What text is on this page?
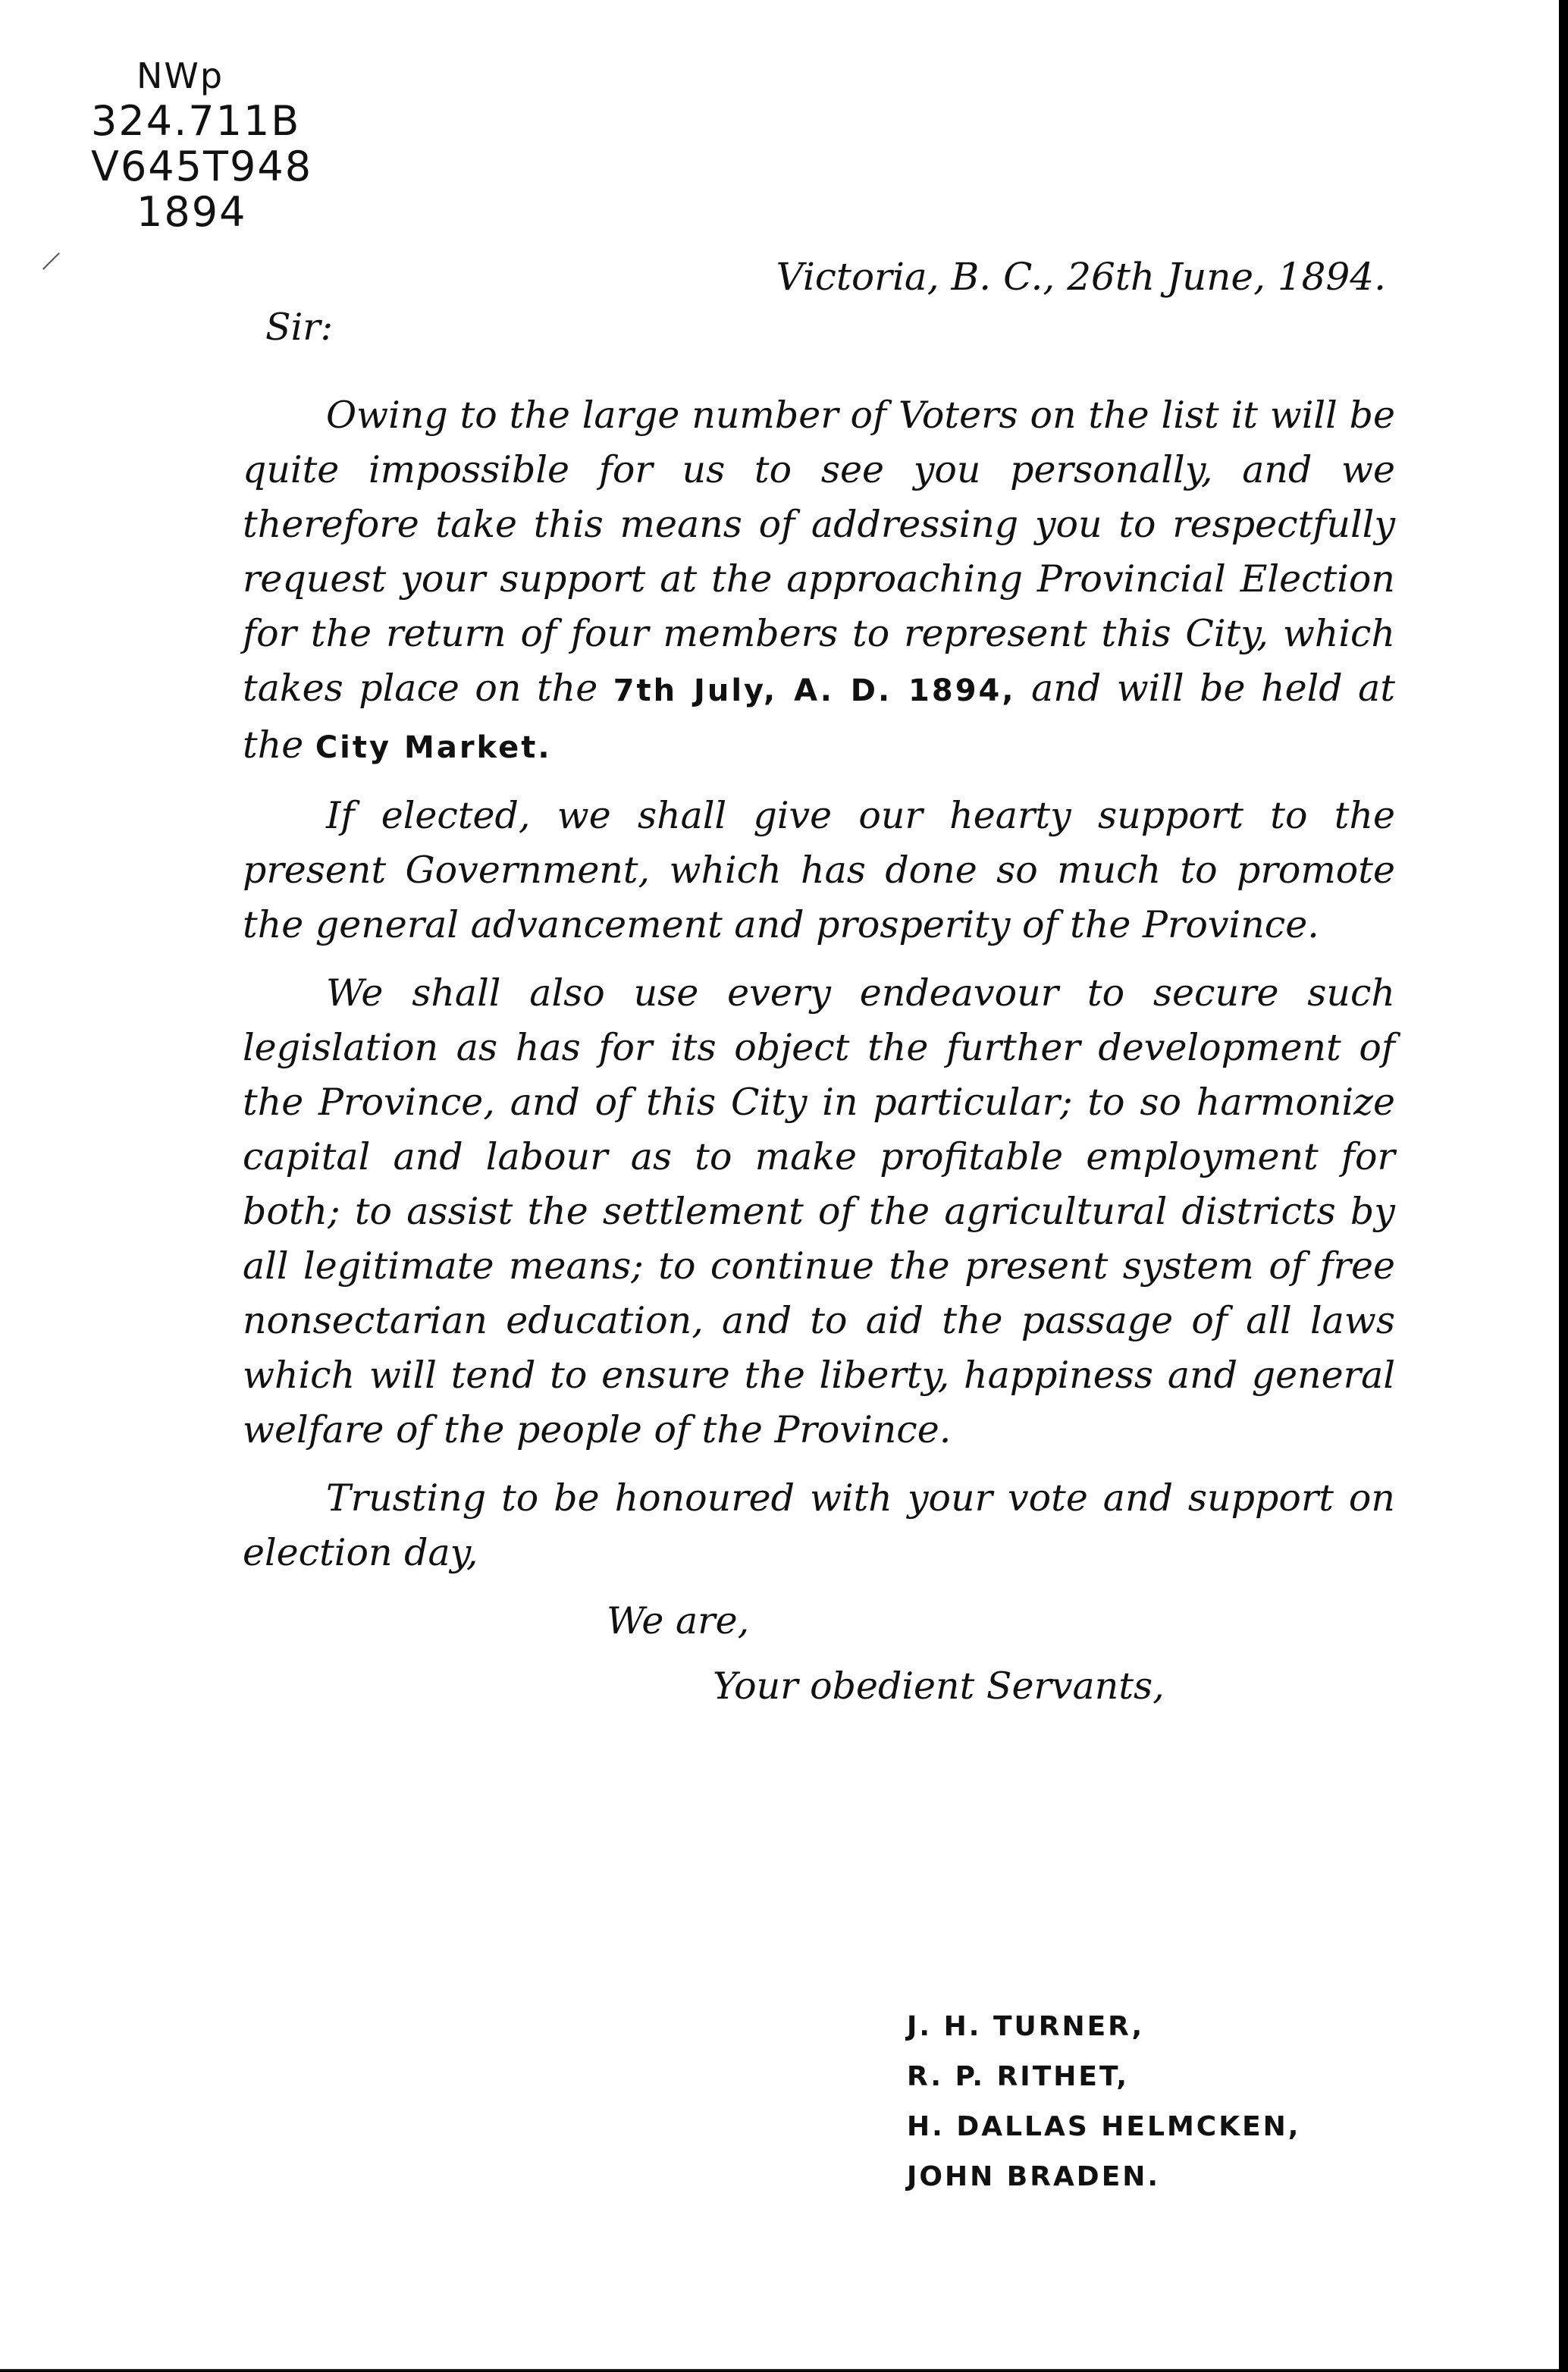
NWp
324.711B
V645T948
1894
Victoria, B. C., 26th June, 1894.
Sir:

Owing to the large number of Voters on the list it will be quite impossible for us to see you personally, and we therefore take this means of addressing you to respectfully request your support at the approaching Provincial Election for the return of four members to represent this City, which takes place on the 7th July, A. D. 1894, and will be held at the City Market.

If elected, we shall give our hearty support to the present Government, which has done so much to promote the general advancement and prosperity of the Province.

We shall also use every endeavour to secure such legislation as has for its object the further development of the Province, and of this City in particular; to so harmonize capital and labour as to make profitable employment for both; to assist the settlement of the agricultural districts by all legitimate means; to continue the present system of free nonsectarian education, and to aid the passage of all laws which will tend to ensure the liberty, happiness and general welfare of the people of the Province.

Trusting to be honoured with your vote and support on election day,

We are,
Your obedient Servants,
J. H. TURNER,
R. P. RITHET,
H. DALLAS HELMCKEN,
JOHN BRADEN.
